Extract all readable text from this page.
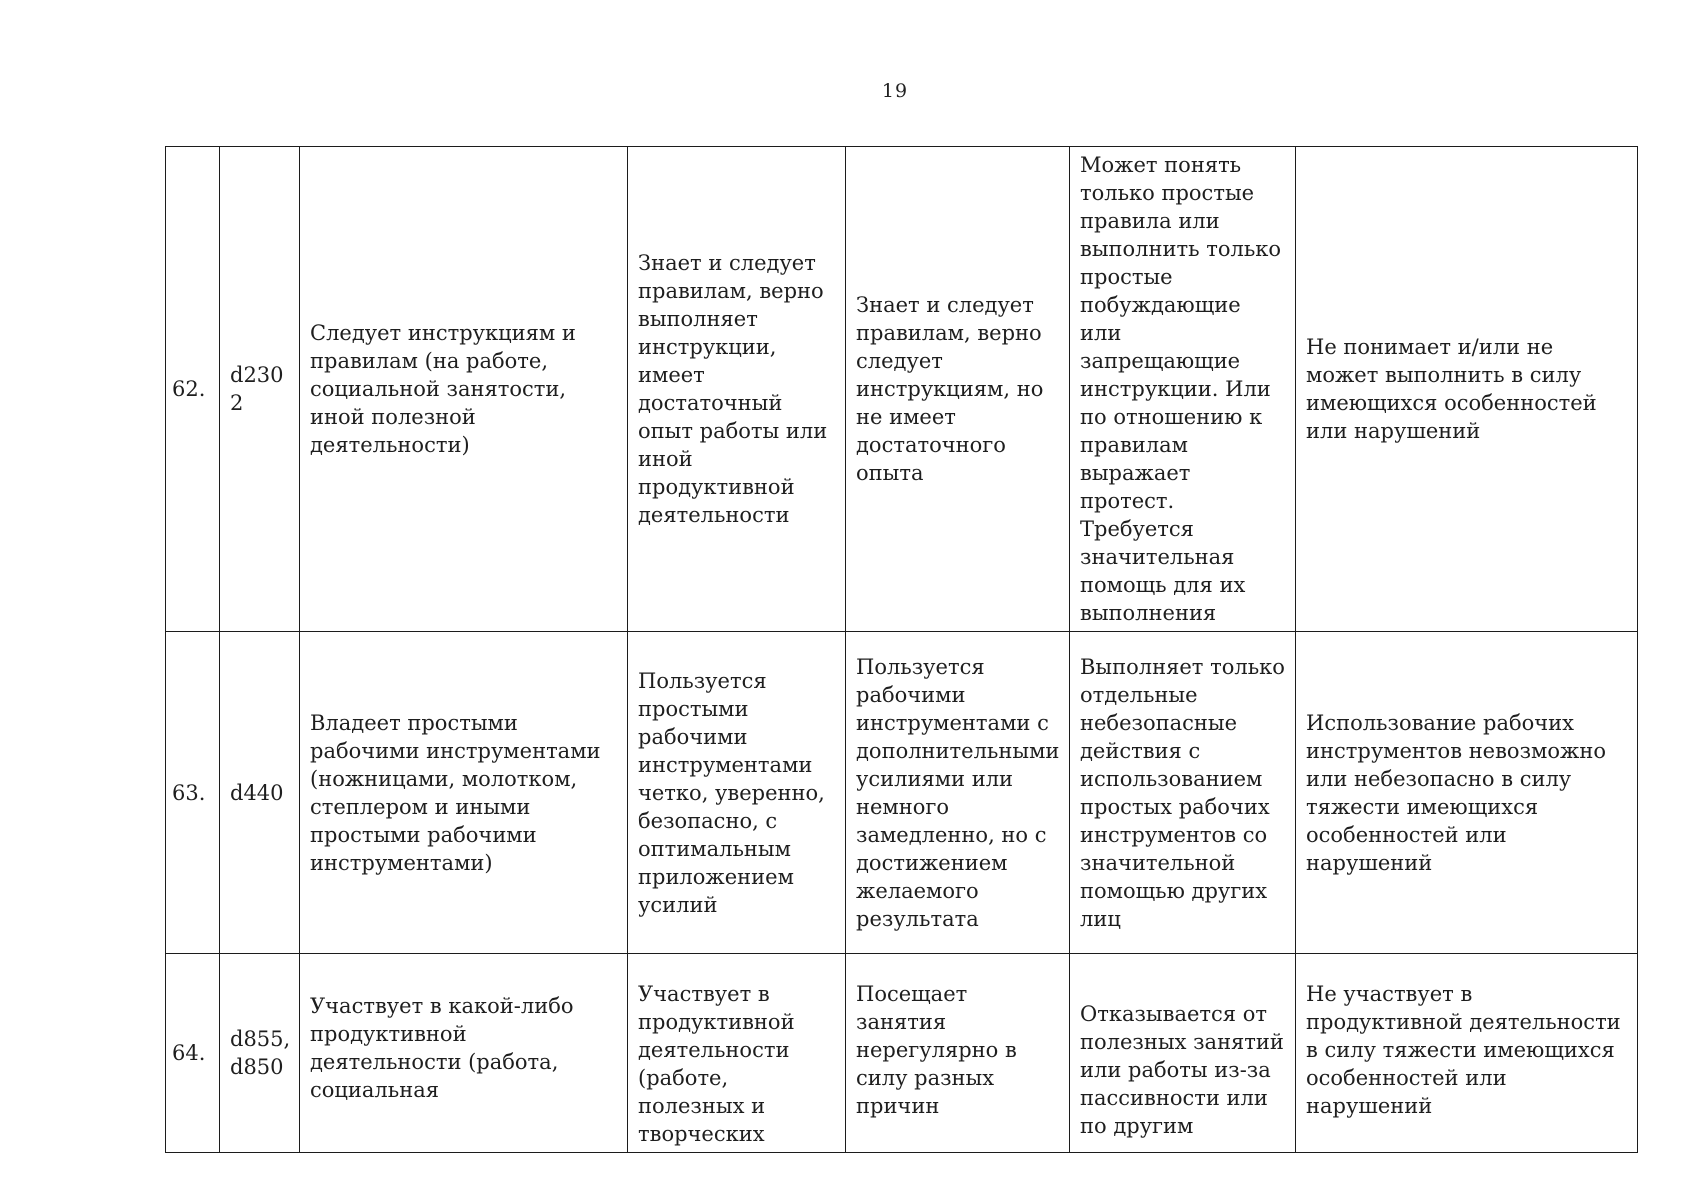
19
62.	d230 2	Следует инструкциям и правилам (на работе, социальной занятости, иной полезной деятельности)	Знает и следует правилам, верно выполняет инструкции, имеет достаточный опыт работы или иной продуктивной деятельности	Знает и следует правилам, верно следует инструкциям, но не имеет достаточного опыта	Может понять только простые правила или выполнить только простые побуждающие или запрещающие инструкции. Или по отношению к правилам выражает протест. Требуется значительная помощь для их выполнения	Не понимает и/или не может выполнить в силу имеющихся особенностей или нарушений
63.	d440	Владеет простыми рабочими инструментами (ножницами, молотком, степлером и иными простыми рабочими инструментами)	Пользуется простыми рабочими инструментами четко, уверенно, безопасно, с оптимальным приложением усилий	Пользуется рабочими инструментами с дополнительными усилиями или немного замедленно, но с достижением желаемого результата	Выполняет только отдельные небезопасные действия с использованием простых рабочих инструментов со значительной помощью других лиц	Использование рабочих инструментов невозможно или небезопасно в силу тяжести имеющихся особенностей или нарушений
64.	d855, d850	Участвует в какой-либо продуктивной деятельности (работа, социальная	Участвует в продуктивной деятельности (работе, полезных и творческих	Посещает занятия нерегулярно в силу разных причин	Отказывается от полезных занятий или работы из-за пассивности или по другим	Не участвует в продуктивной деятельности в силу тяжести имеющихся особенностей или нарушений
